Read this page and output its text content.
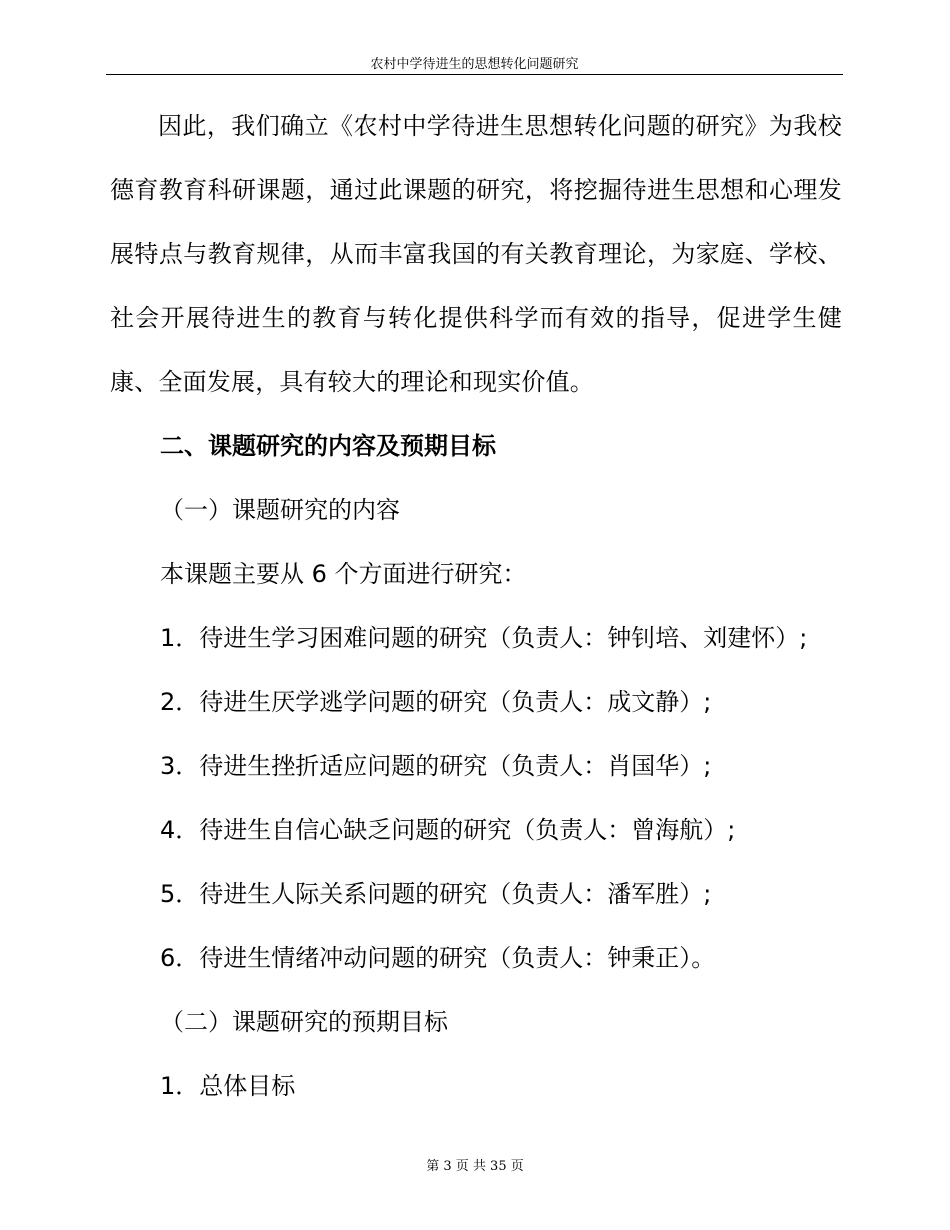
农村中学待进生的思想转化问题研究

因此，我们确立《农村中学待进生思想转化问题的研究》为我校德育教育科研课题，通过此课题的研究，将挖掘待进生思想和心理发展特点与教育规律，从而丰富我国的有关教育理论，为家庭、学校、社会开展待进生的教育与转化提供科学而有效的指导，促进学生健康、全面发展，具有较大的理论和现实价值。

二、课题研究的内容及预期目标

（一）课题研究的内容

本课题主要从 6 个方面进行研究：

1．待进生学习困难问题的研究（负责人：钟钊培、刘建怀）;

2．待进生厌学逃学问题的研究（负责人：成文静）;

3．待进生挫折适应问题的研究（负责人：肖国华）;

4．待进生自信心缺乏问题的研究（负责人：曾海航）;

5．待进生人际关系问题的研究（负责人：潘军胜）;

6．待进生情绪冲动问题的研究（负责人：钟秉正）。

（二）课题研究的预期目标

1．总体目标

第 3 页 共 35 页
